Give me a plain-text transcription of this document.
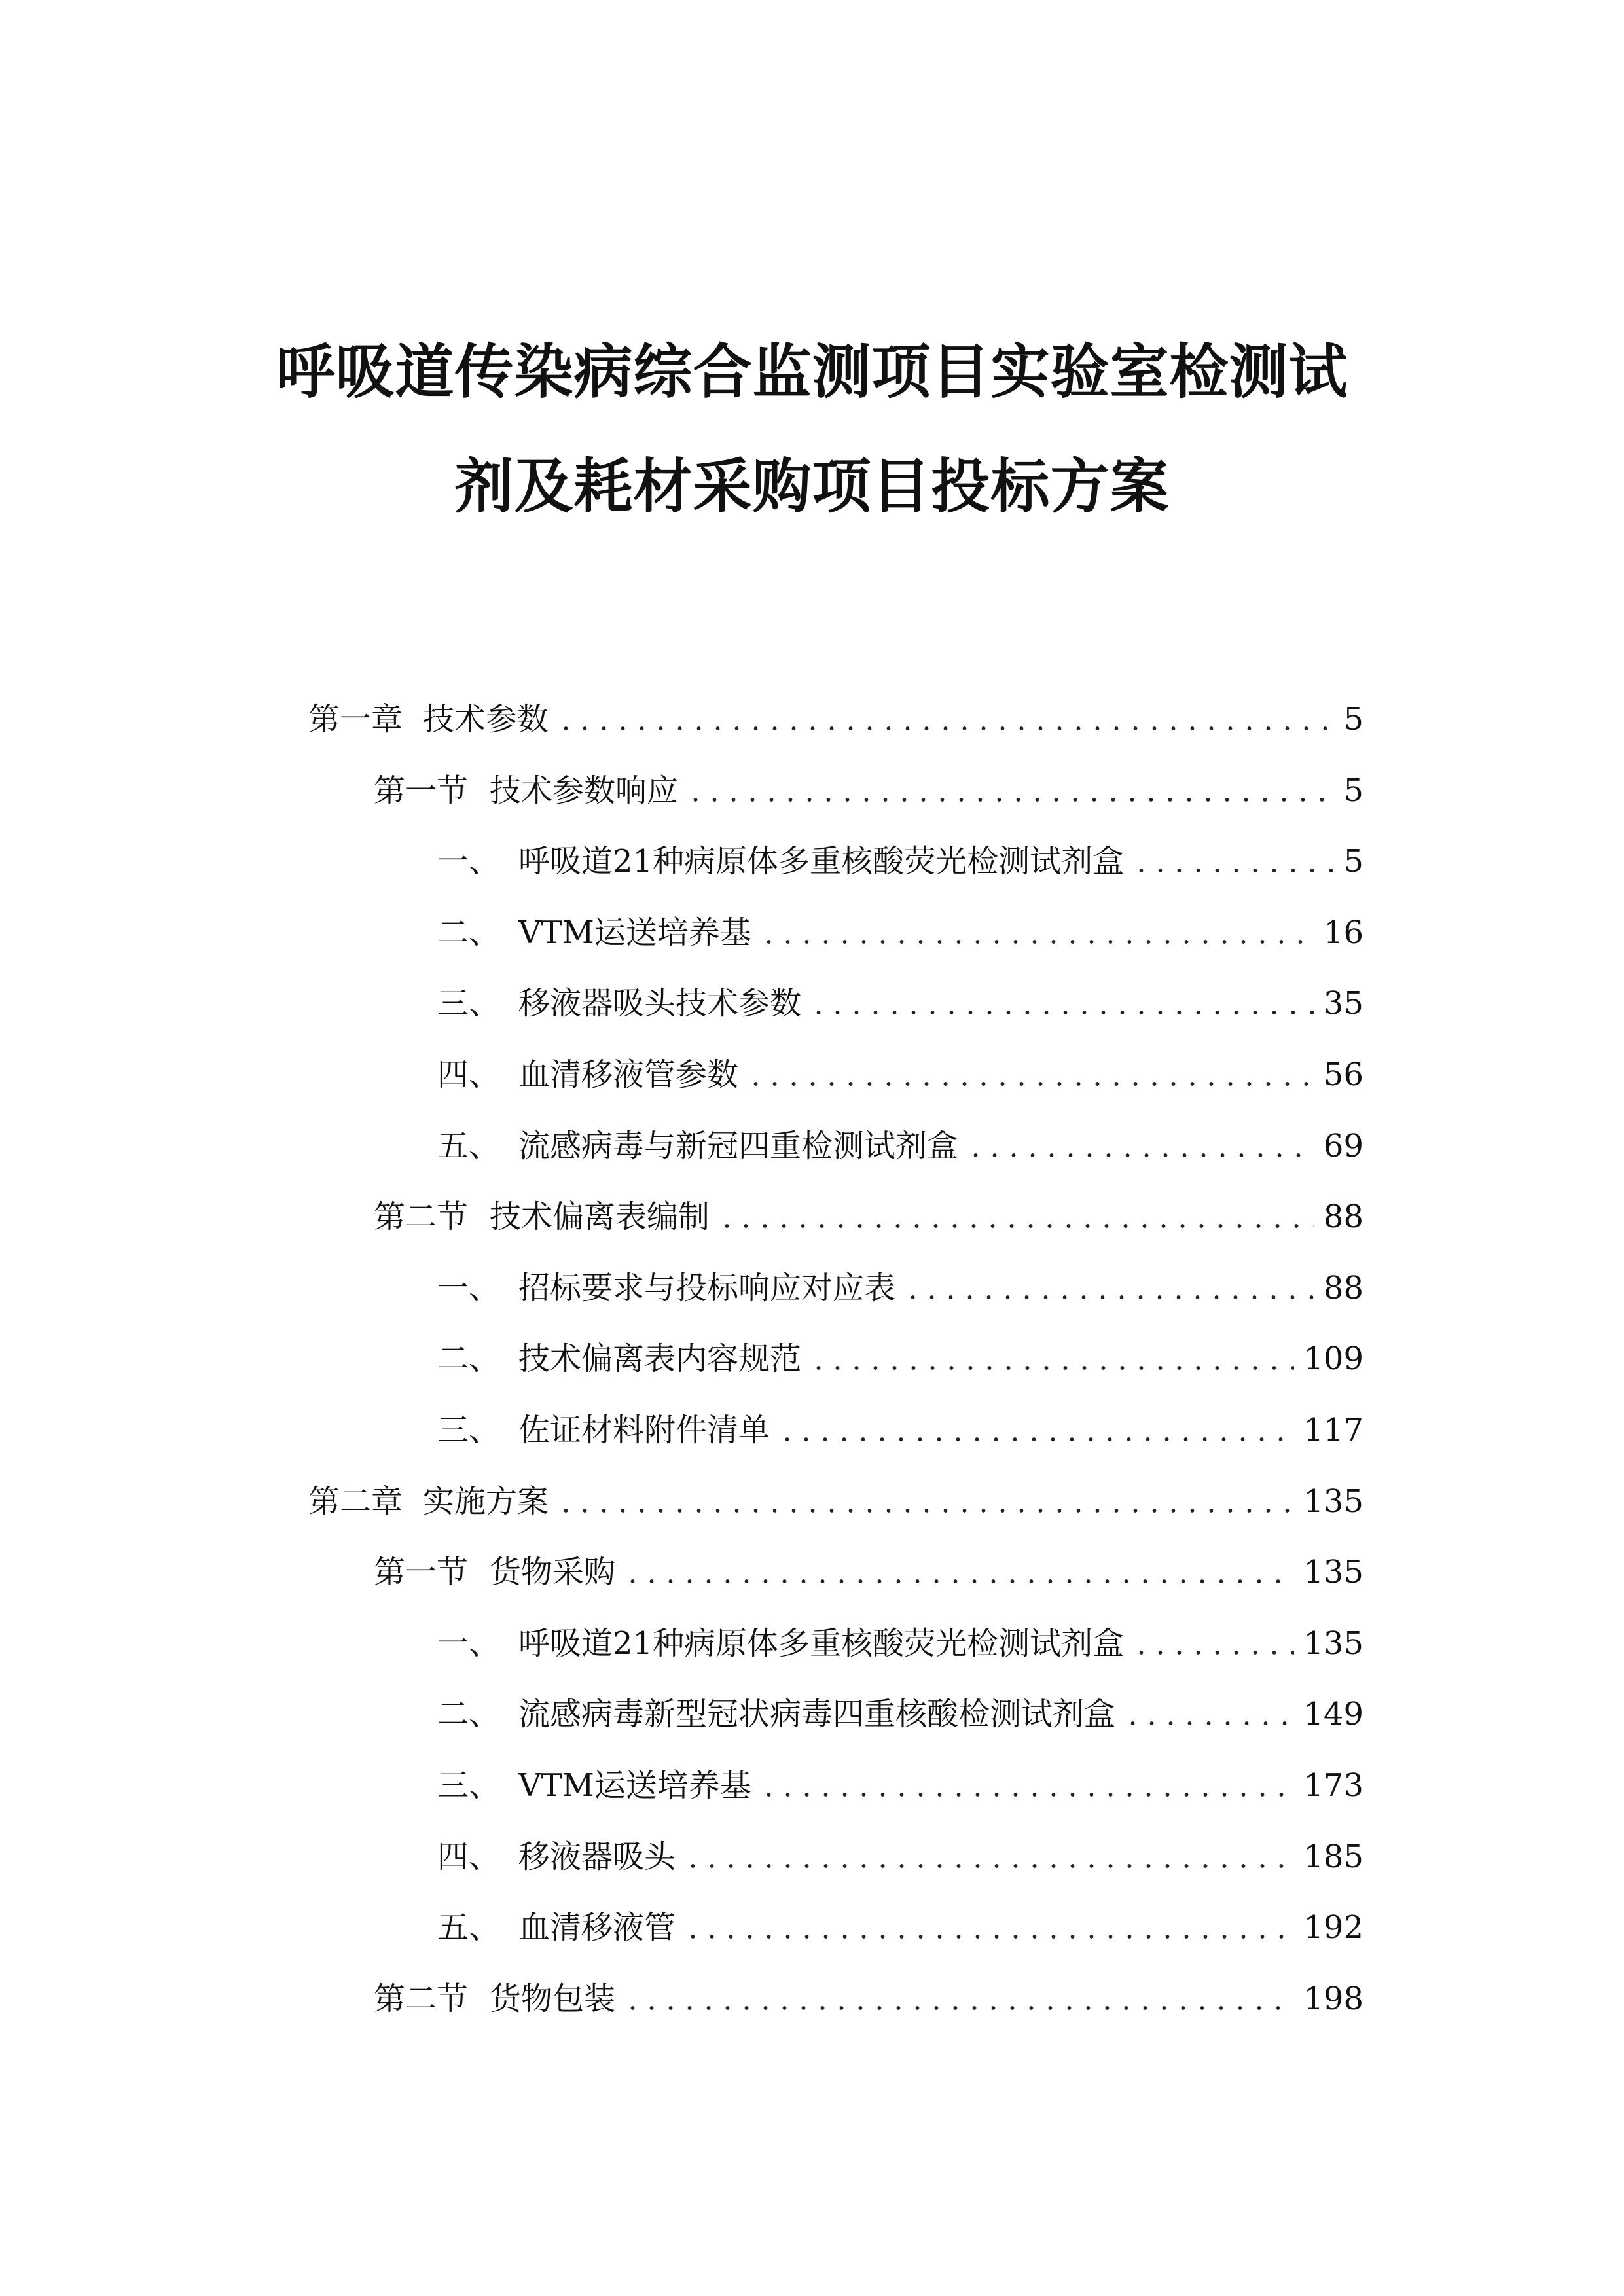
呼吸道传染病综合监测项目实验室检测试
剂及耗材采购项目投标方案
第一章 技术参数	5
第一节 技术参数响应	5
一、 呼吸道21种病原体多重核酸荧光检测试剂盒	5
二、 VTM运送培养基	16
三、 移液器吸头技术参数	35
四、 血清移液管参数	56
五、 流感病毒与新冠四重检测试剂盒	69
第二节 技术偏离表编制	88
一、 招标要求与投标响应对应表	88
二、 技术偏离表内容规范	109
三、 佐证材料附件清单	117
第二章 实施方案	135
第一节 货物采购	135
一、 呼吸道21种病原体多重核酸荧光检测试剂盒	135
二、 流感病毒新型冠状病毒四重核酸检测试剂盒	149
三、 VTM运送培养基	173
四、 移液器吸头	185
五、 血清移液管	192
第二节 货物包装	198
